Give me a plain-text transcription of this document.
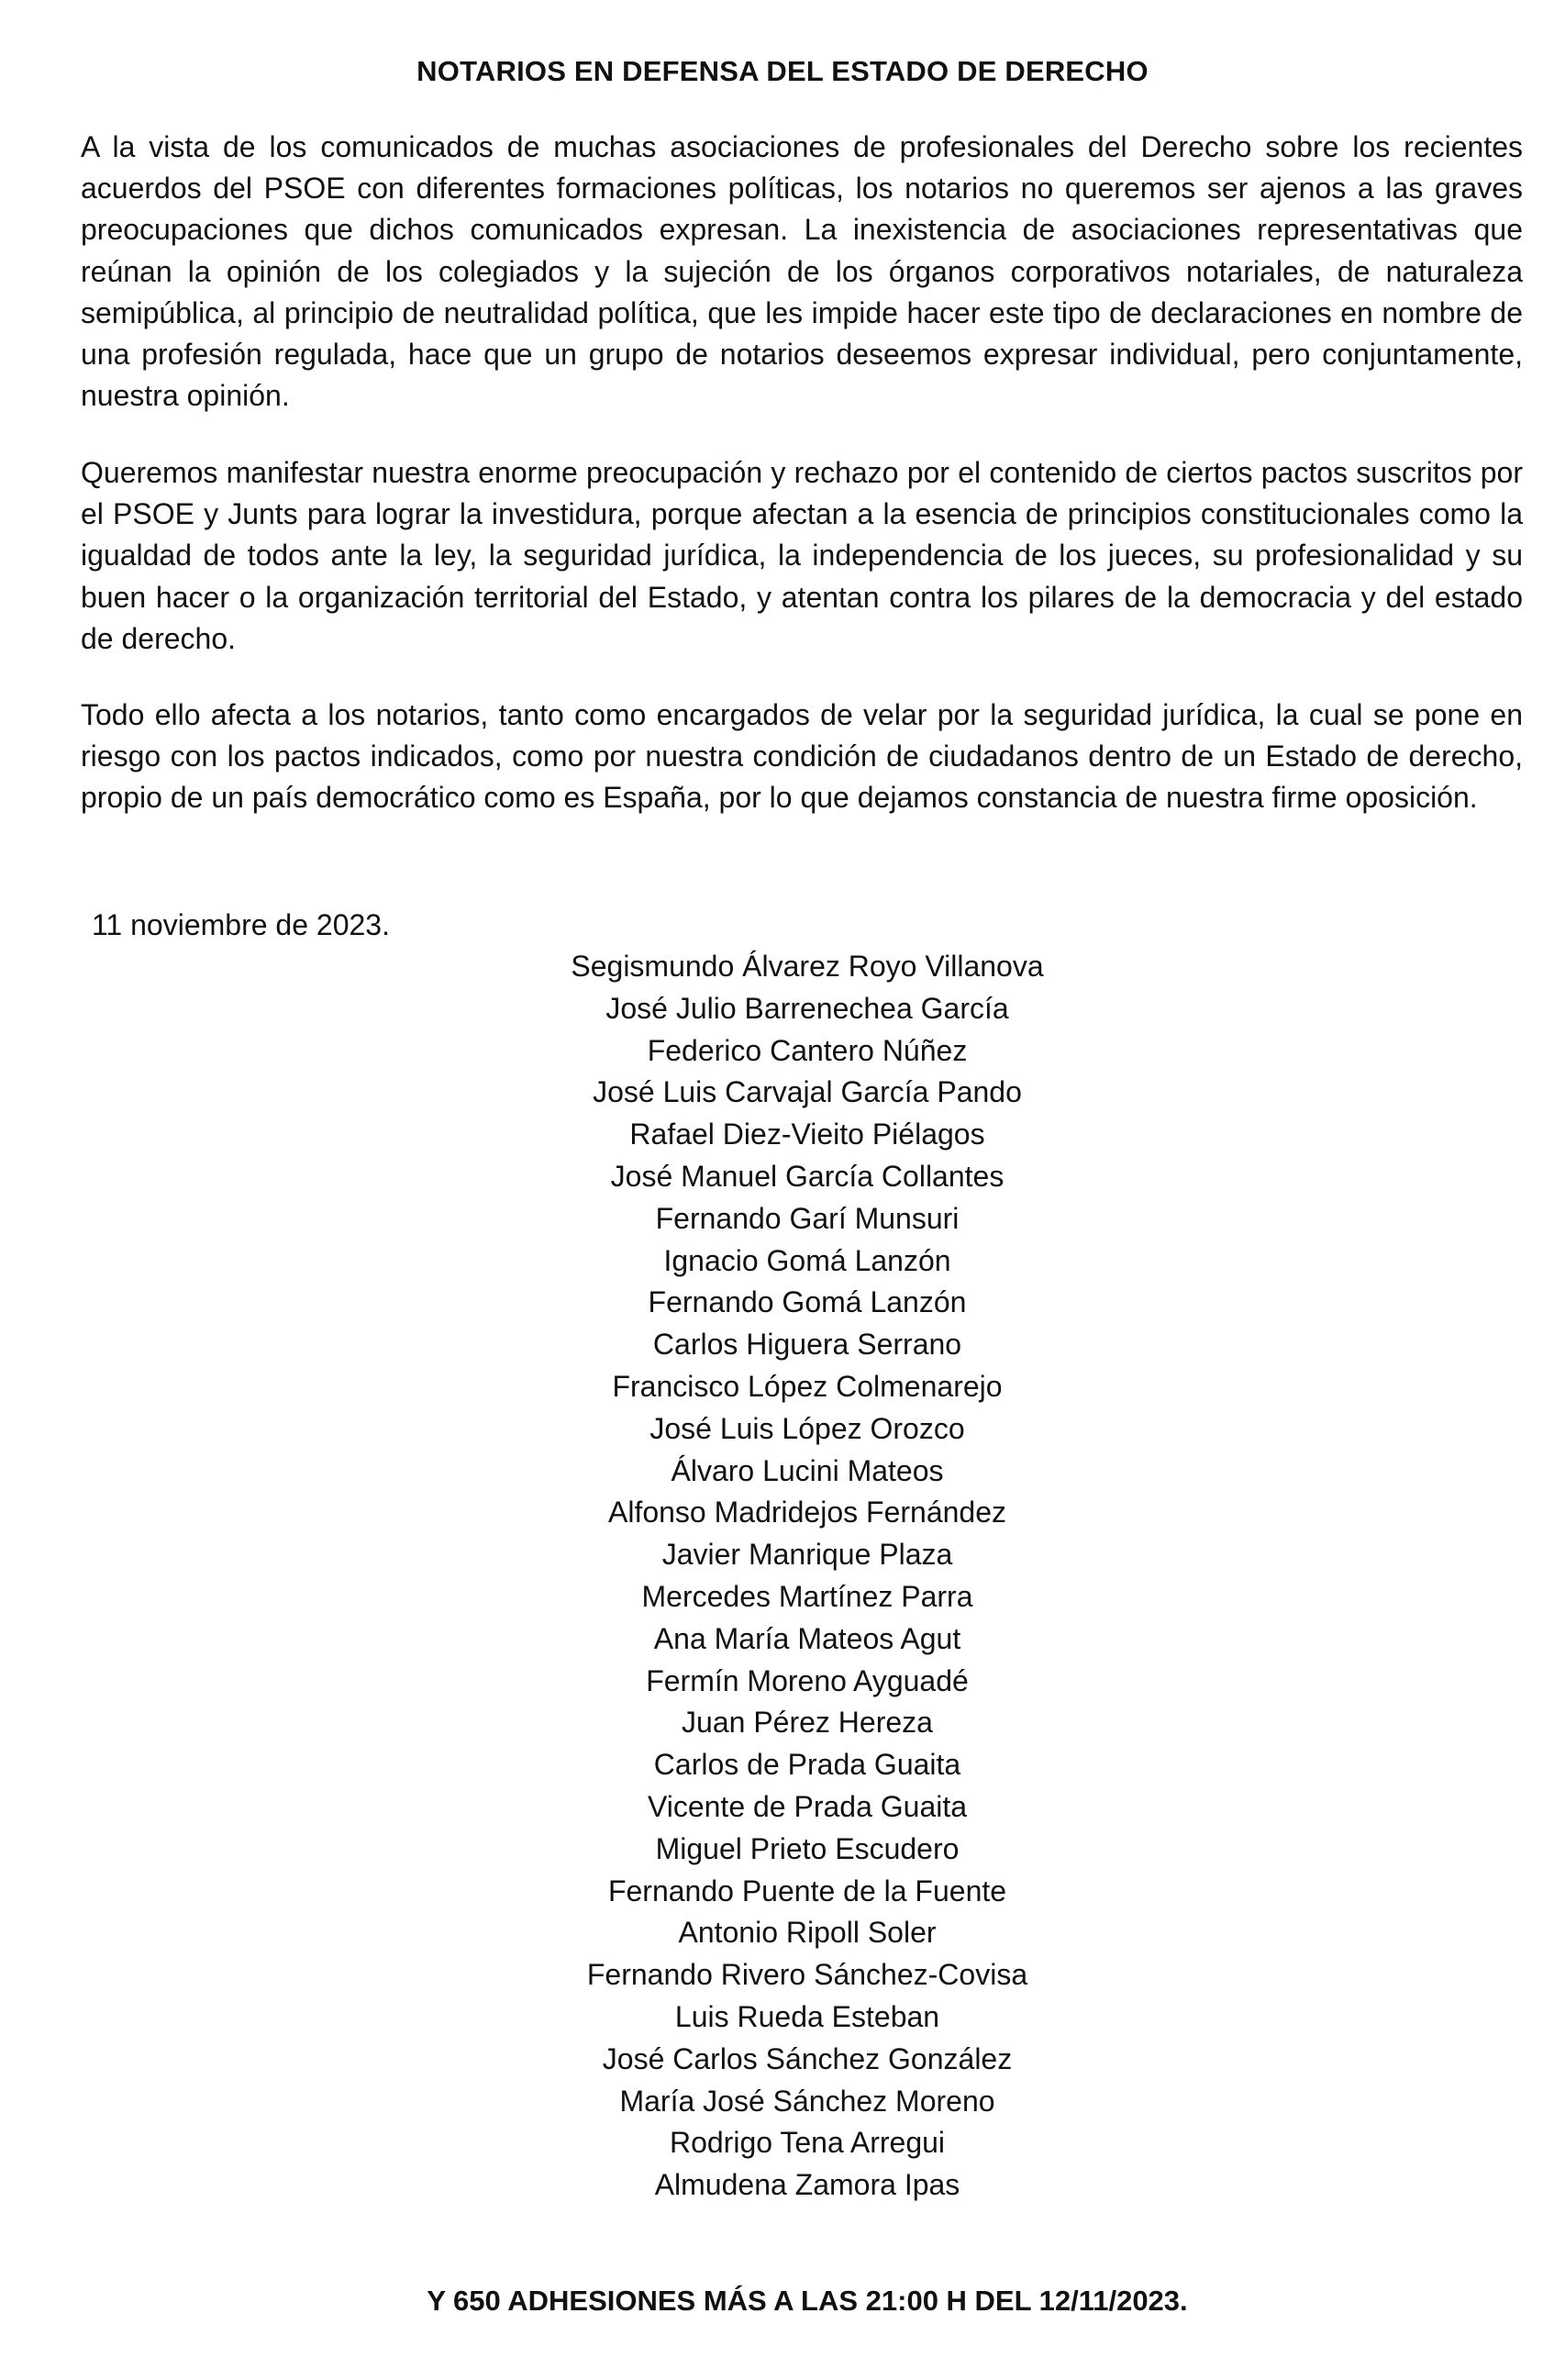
NOTARIOS EN DEFENSA DEL ESTADO DE DERECHO

A la vista de los comunicados de muchas asociaciones de profesionales del Derecho sobre los recientes acuerdos del PSOE con diferentes formaciones políticas, los notarios no queremos ser ajenos a las graves preocupaciones que dichos comunicados expresan. La inexistencia de asociaciones representativas que reúnan la opinión de los colegiados y la sujeción de los órganos corporativos notariales, de naturaleza semipública, al principio de neutralidad política, que les impide hacer este tipo de declaraciones en nombre de una profesión regulada, hace que un grupo de notarios deseemos expresar individual, pero conjuntamente, nuestra opinión.

Queremos manifestar nuestra enorme preocupación y rechazo por el contenido de ciertos pactos suscritos por el PSOE y Junts para lograr la investidura, porque afectan a la esencia de principios constitucionales como la igualdad de todos ante la ley, la seguridad jurídica, la independencia de los jueces, su profesionalidad y su buen hacer o la organización territorial del Estado, y atentan contra los pilares de la democracia y del estado de derecho.

Todo ello afecta a los notarios, tanto como encargados de velar por la seguridad jurídica, la cual se pone en riesgo con los pactos indicados, como por nuestra condición de ciudadanos dentro de un Estado de derecho, propio de un país democrático como es España, por lo que dejamos constancia de nuestra firme oposición.

11 noviembre de 2023.
Segismundo Álvarez Royo Villanova
José Julio Barrenechea García
Federico Cantero Núñez
José Luis Carvajal García Pando
Rafael Diez-Vieito Piélagos
José Manuel García Collantes
Fernando Garí Munsuri
Ignacio Gomá Lanzón
Fernando Gomá Lanzón
Carlos Higuera Serrano
Francisco López Colmenarejo
José Luis López Orozco
Álvaro Lucini Mateos
Alfonso Madridejos Fernández
Javier Manrique Plaza
Mercedes Martínez Parra
Ana María Mateos Agut
Fermín Moreno Ayguadé
Juan Pérez Hereza
Carlos de Prada Guaita
Vicente de Prada Guaita
Miguel Prieto Escudero
Fernando Puente de la Fuente
Antonio Ripoll Soler
Fernando Rivero Sánchez-Covisa
Luis Rueda Esteban
José Carlos Sánchez González
María José Sánchez Moreno
Rodrigo Tena Arregui
Almudena Zamora Ipas
Y 650 ADHESIONES MÁS A LAS 21:00 H DEL 12/11/2023.
